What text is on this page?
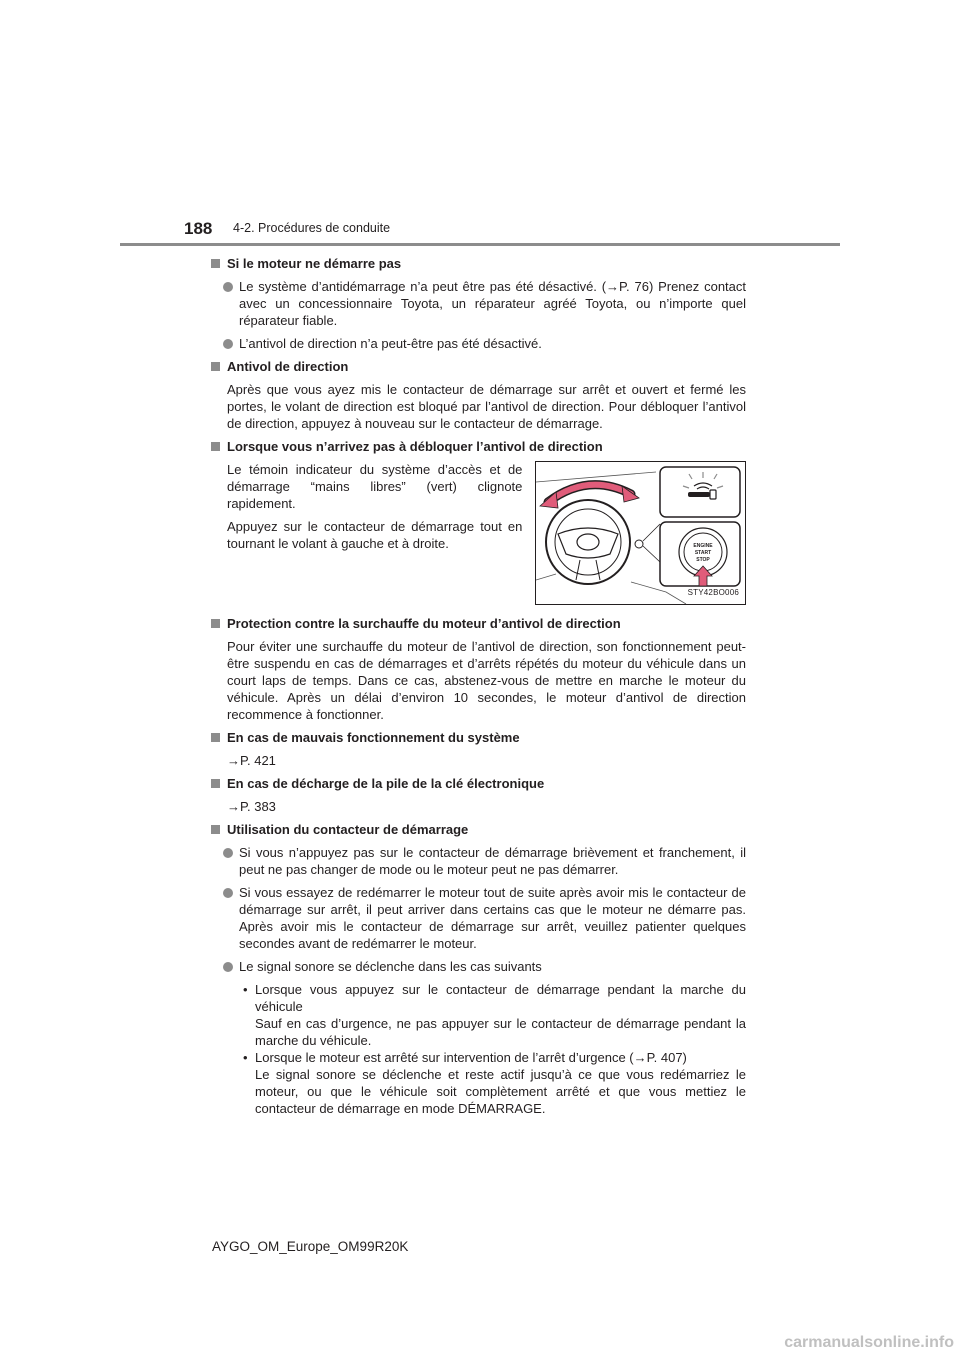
188 4-2. Procédures de conduite
Si le moteur ne démarre pas
Le système d’antidémarrage n’a peut être pas été désactivé. (→P. 76) Prenez contact avec un concessionnaire Toyota, un réparateur agréé Toyota, ou n’importe quel réparateur fiable.
L’antivol de direction n’a peut-être pas été désactivé.
Antivol de direction
Après que vous ayez mis le contacteur de démarrage sur arrêt et ouvert et fermé les portes, le volant de direction est bloqué par l’antivol de direction. Pour débloquer l’antivol de direction, appuyez à nouveau sur le contacteur de démarrage.
Lorsque vous n’arrivez pas à débloquer l’antivol de direction

Le témoin indicateur du système d’accès et de démarrage “mains libres” (vert) clignote rapidement.

Appuyez sur le contacteur de démarrage tout en tournant le volant à gauche et à droite.	ENGINE
START
STOP
STY42BO006
Protection contre la surchauffe du moteur d’antivol de direction
Pour éviter une surchauffe du moteur de l’antivol de direction, son fonctionnement peut-être suspendu en cas de démarrages et d’arrêts répétés du moteur du véhicule dans un court laps de temps. Dans ce cas, abstenez-vous de mettre en marche le moteur du véhicule. Après un délai d’environ 10 secondes, le moteur d’antivol de direction recommence à fonctionner.
En cas de mauvais fonctionnement du système
→P. 421
En cas de décharge de la pile de la clé électronique
→P. 383
Utilisation du contacteur de démarrage
Si vous n’appuyez pas sur le contacteur de démarrage brièvement et franchement, il peut ne pas changer de mode ou le moteur peut ne pas démarrer.
Si vous essayez de redémarrer le moteur tout de suite après avoir mis le contacteur de démarrage sur arrêt, il peut arriver dans certains cas que le moteur ne démarre pas. Après avoir mis le contacteur de démarrage sur arrêt, veuillez patienter quelques secondes avant de redémarrer le moteur.
Le signal sonore se déclenche dans les cas suivants
• Lorsque vous appuyez sur le contacteur de démarrage pendant la marche du véhicule
Sauf en cas d’urgence, ne pas appuyer sur le contacteur de démarrage pendant la marche du véhicule.
• Lorsque le moteur est arrêté sur intervention de l’arrêt d’urgence (→P. 407)
Le signal sonore se déclenche et reste actif jusqu’à ce que vous redémarriez le moteur, ou que le véhicule soit complètement arrêté et que vous mettiez le contacteur de démarrage en mode DÉMARRAGE.
AYGO_OM_Europe_OM99R20K
carmanualsonline.info
